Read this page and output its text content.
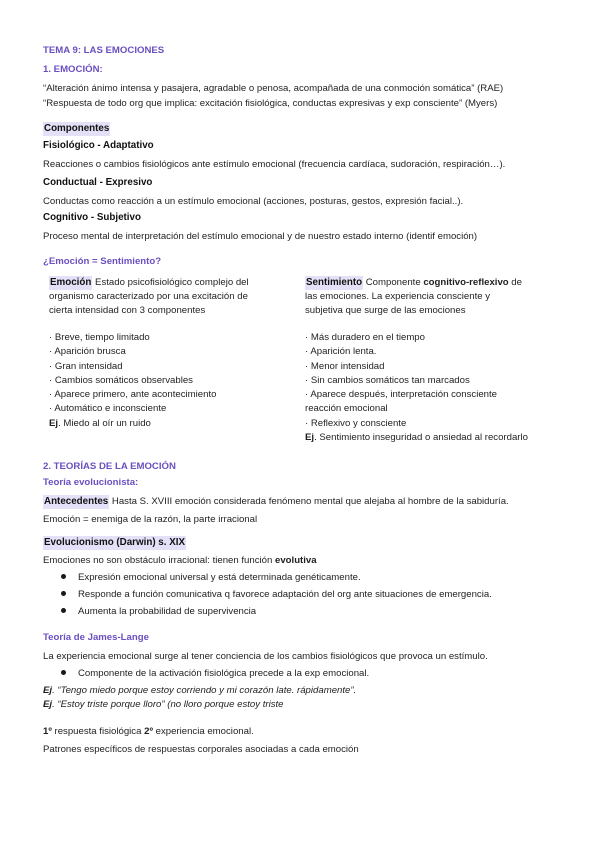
TEMA 9: LAS EMOCIONES
1. EMOCIÓN:
“Alteración ánimo intensa y pasajera, agradable o penosa, acompañada de una conmoción somática” (RAE)
“Respuesta de todo org que implica: excitación fisiológica, conductas expresivas y exp consciente” (Myers)
Componentes
Fisiológico - Adaptativo
Reacciones o cambios fisiológicos ante estímulo emocional (frecuencia cardíaca, sudoración, respiración…).
Conductual - Expresivo
Conductas como reacción a un estímulo emocional (acciones, posturas, gestos, expresión facial..).
Cognitivo - Subjetivo
Proceso mental de interpretación del estímulo emocional y de nuestro estado interno (identif emoción)
¿Emoción = Sentimiento?
Emoción Estado psicofisiológico complejo del
organismo caracterizado por una excitación de
cierta intensidad con 3 componentes
· Breve, tiempo limitado
· Aparición brusca
· Gran intensidad
· Cambios somáticos observables
· Aparece primero, ante acontecimiento
· Automático e inconsciente
Ej. Miedo al oír un ruido
Sentimiento Componente cognitivo-reflexivo de
las emociones. La experiencia consciente y
subjetiva que surge de las emociones
· Más duradero en el tiempo
· Aparición lenta.
· Menor intensidad
· Sin cambios somáticos tan marcados
· Aparece después, interpretación consciente
reacción emocional
· Reflexivo y consciente
Ej. Sentimiento inseguridad o ansiedad al recordarlo
2. TEORÍAS DE LA EMOCIÓN
Teoría evolucionista:
Antecedentes Hasta S. XVIII emoción considerada fenómeno mental que alejaba al hombre de la sabiduría.
Emoción = enemiga de la razón, la parte irracional
Evolucionismo (Darwin) s. XIX
Emociones no son obstáculo irracional: tienen función evolutiva
Expresión emocional universal y está determinada genéticamente.
Responde a función comunicativa q favorece adaptación del org ante situaciones de emergencia.
Aumenta la probabilidad de supervivencia
Teoría de James-Lange
La experiencia emocional surge al tener conciencia de los cambios fisiológicos que provoca un estímulo.
Componente de la activación fisiológica precede a la exp emocional.
Ej. “Tengo miedo porque estoy corriendo y mi corazón late. rápidamente”.
Ej. “Estoy triste porque lloro” (no lloro porque estoy triste
1º respuesta fisiológica 2º experiencia emocional.
Patrones específicos de respuestas corporales asociadas a cada emoción
